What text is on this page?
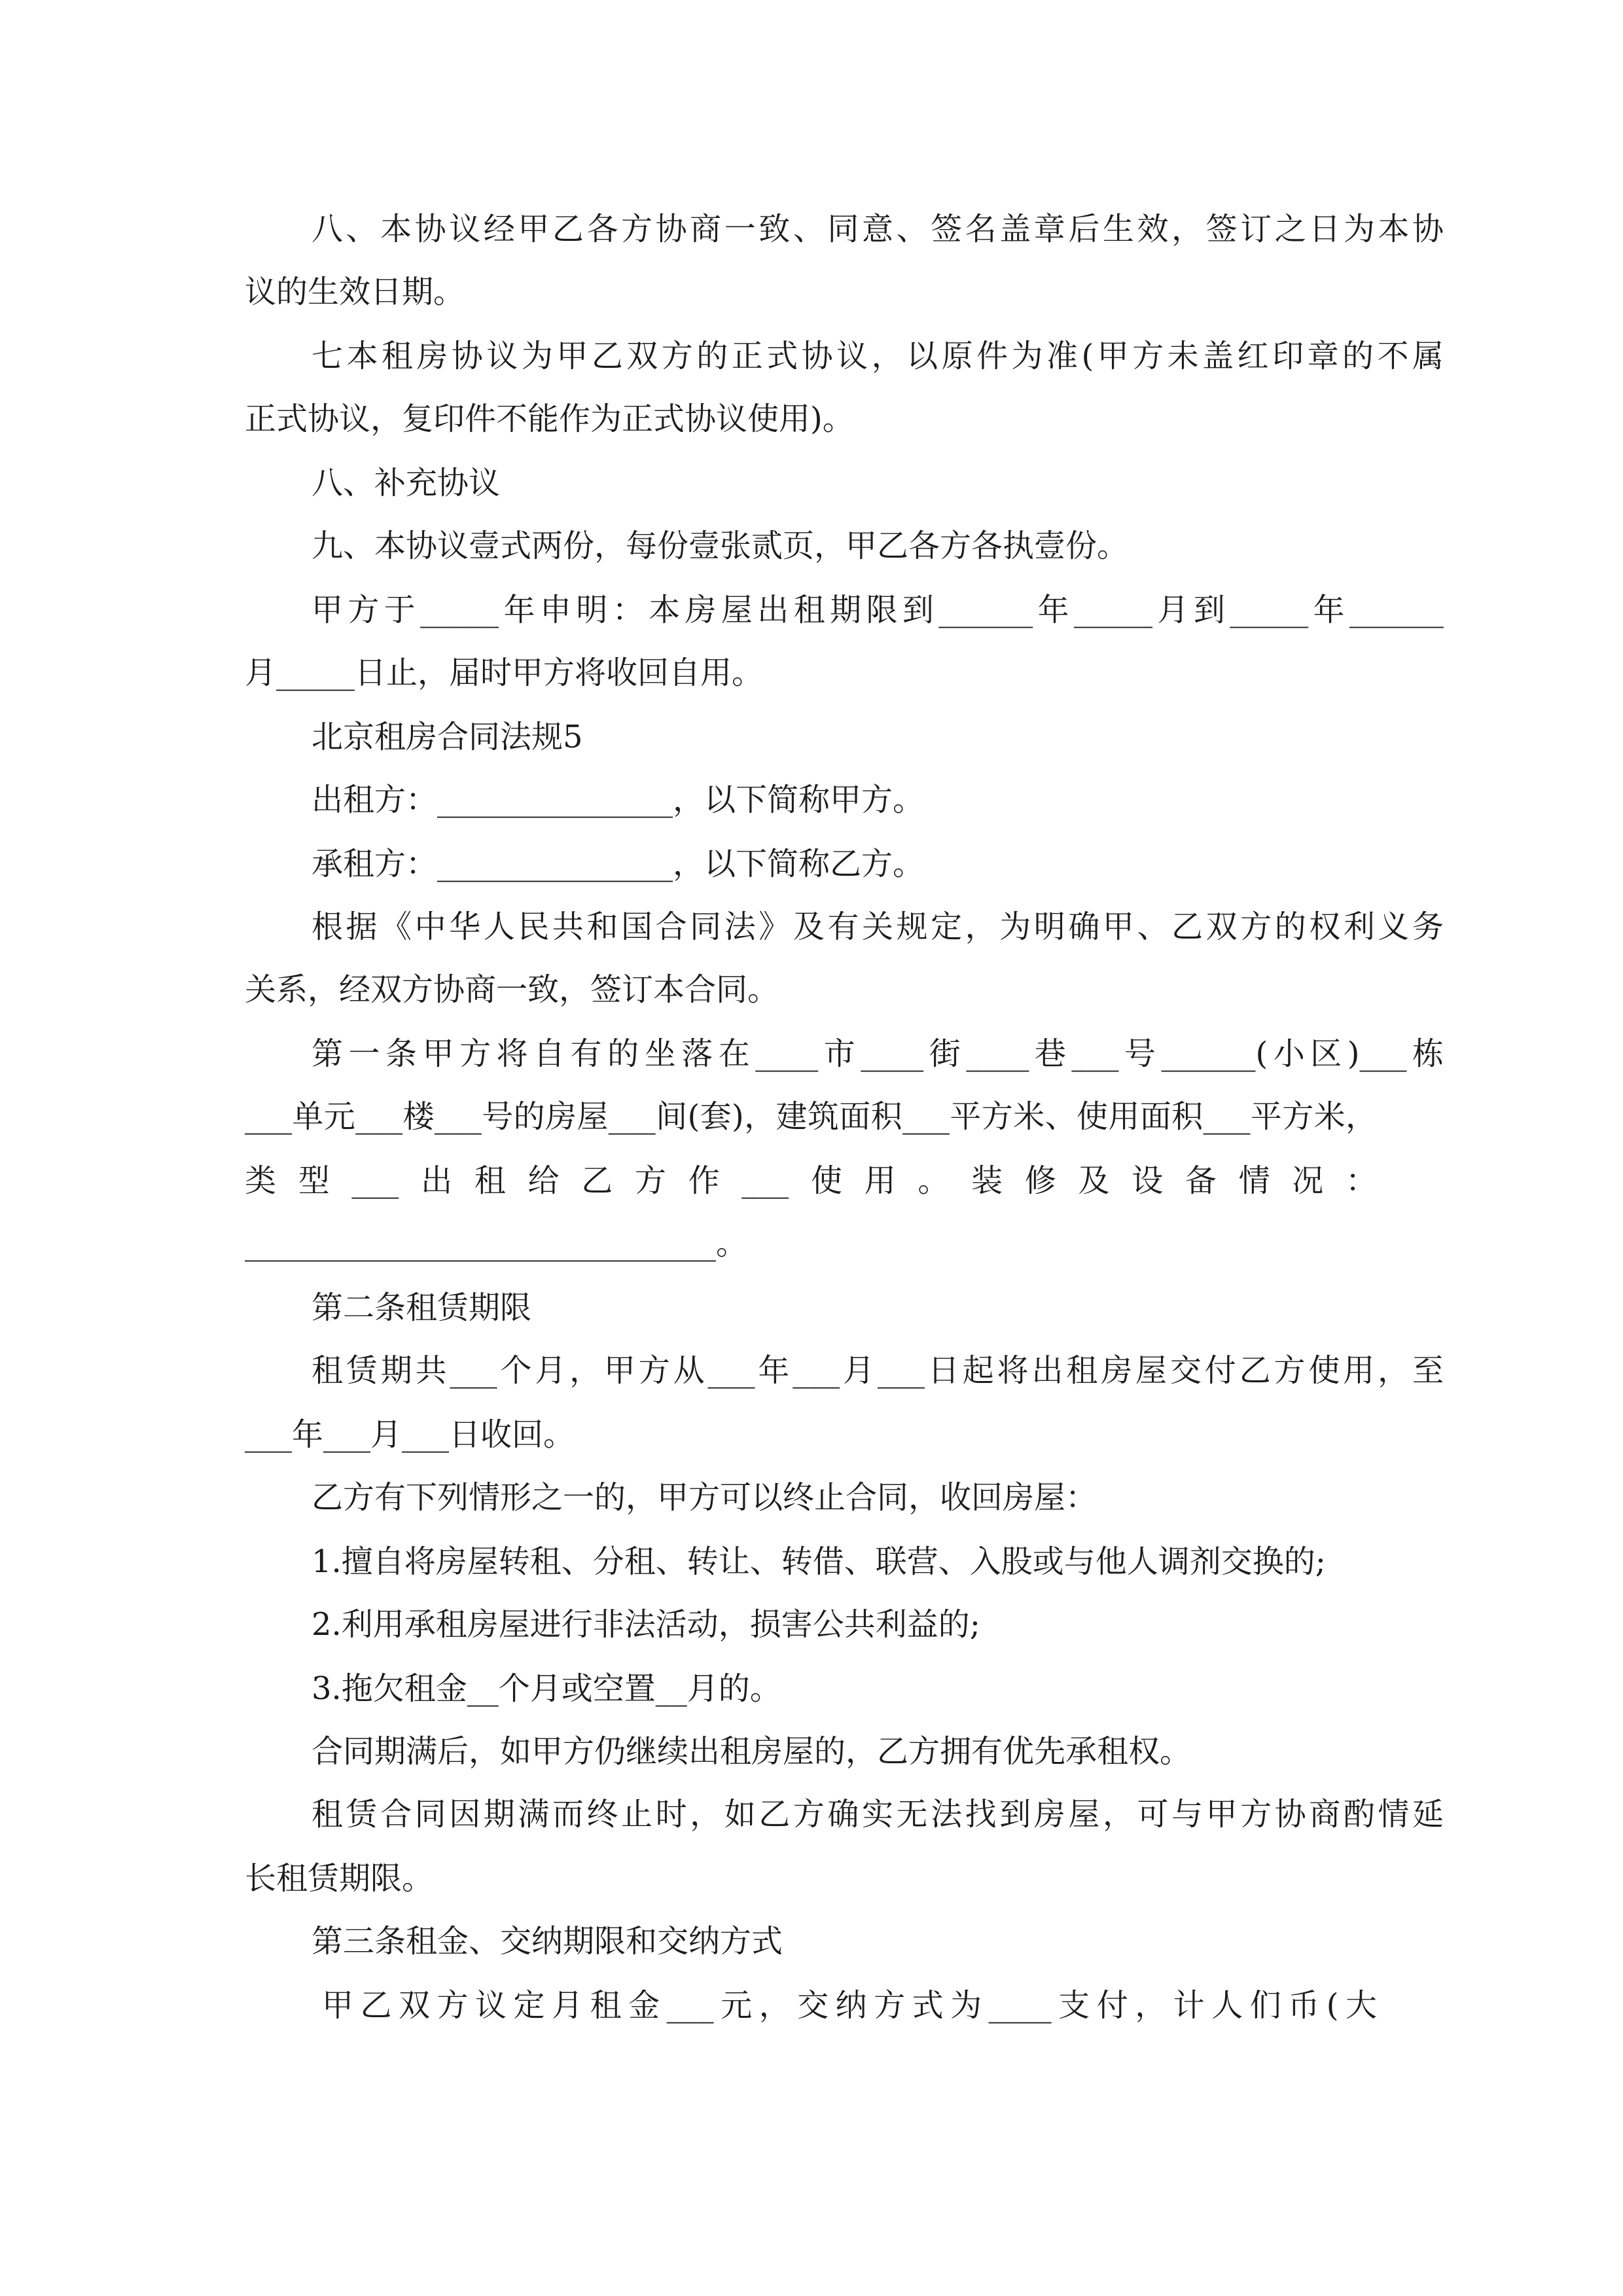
八、本协议经甲乙各方协商一致、同意、签名盖章后生效，签订之日为本协
议的生效日期。
七本租房协议为甲乙双方的正式协议，以原件为准(甲方未盖红印章的不属
正式协议，复印件不能作为正式协议使用)。
八、补充协议
九、本协议壹式两份，每份壹张贰页，甲乙各方各执壹份。
甲方于_____年申明：本房屋出租期限到______年_____月到_____年______
月_____日止，届时甲方将收回自用。
北京租房合同法规5
出租方：_______________，以下简称甲方。
承租方：_______________，以下简称乙方。
根据《中华人民共和国合同法》及有关规定，为明确甲、乙双方的权利义务
关系，经双方协商一致，签订本合同。
第一条甲方将自有的坐落在____市____街____巷___号______(小区)___栋
___单元___楼___号的房屋___间(套)，建筑面积___平方米、使用面积___平方米，
类型___出租给乙方作___使用。装修及设备情况：
______________________________。
第二条租赁期限
租赁期共___个月，甲方从___年___月___日起将出租房屋交付乙方使用，至
___年___月___日收回。
乙方有下列情形之一的，甲方可以终止合同，收回房屋：
1.擅自将房屋转租、分租、转让、转借、联营、入股或与他人调剂交换的;
2.利用承租房屋进行非法活动，损害公共利益的;
3.拖欠租金__个月或空置__月的。
合同期满后，如甲方仍继续出租房屋的，乙方拥有优先承租权。
租赁合同因期满而终止时，如乙方确实无法找到房屋，可与甲方协商酌情延
长租赁期限。
第三条租金、交纳期限和交纳方式
甲乙双方议定月租金___元，交纳方式为____支付，计人们币(大
